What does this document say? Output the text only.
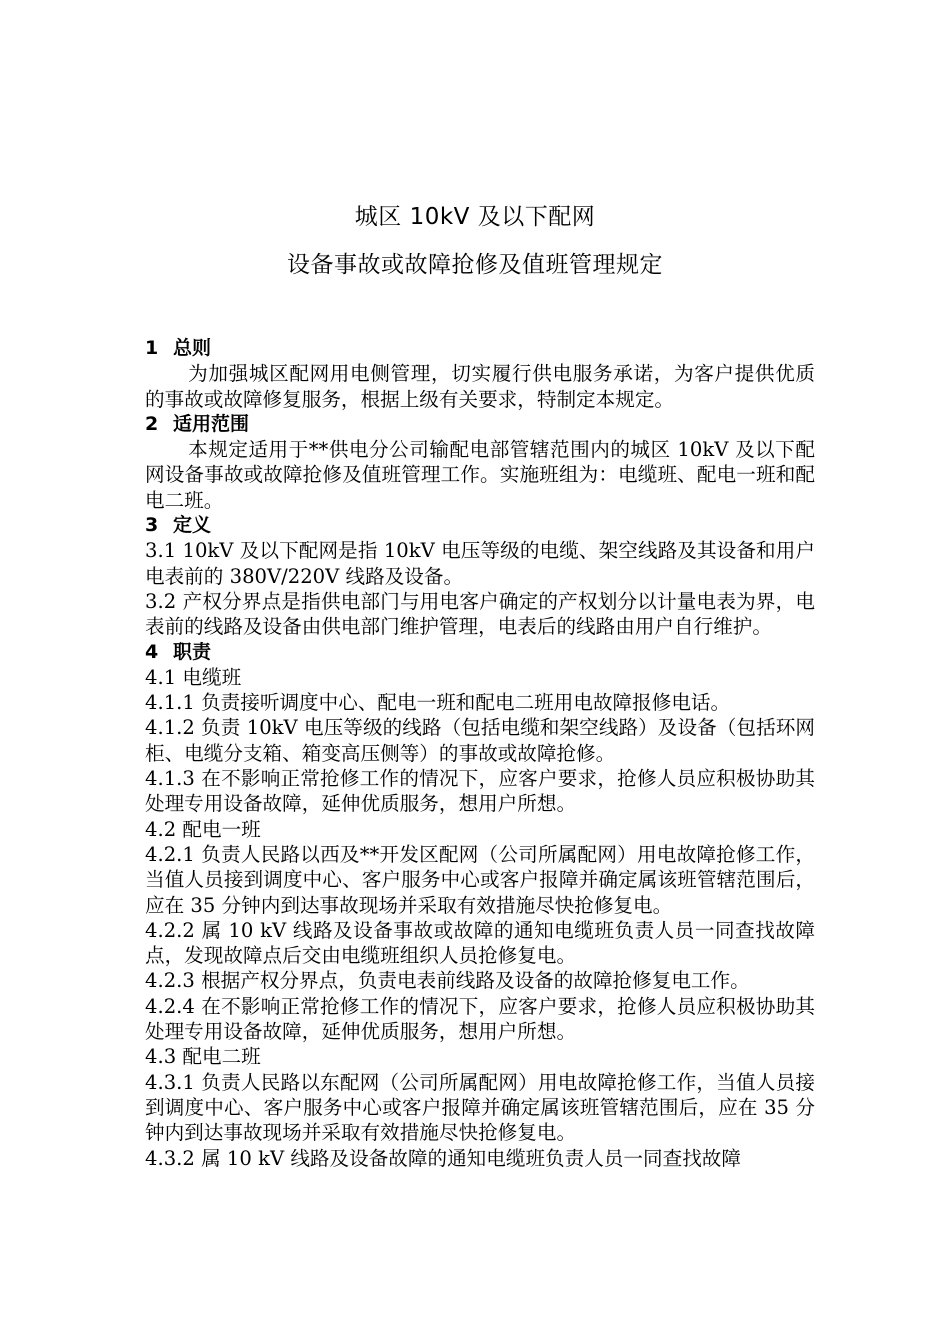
城区 10kV 及以下配网
设备事故或故障抢修及值班管理规定

1 总则

为加强城区配网用电侧管理，切实履行供电服务承诺，为客户提供优质的事故或故障修复服务，根据上级有关要求，特制定本规定。

2 适用范围

本规定适用于**供电分公司输配电部管辖范围内的城区 10kV 及以下配网设备事故或故障抢修及值班管理工作。实施班组为：电缆班、配电一班和配电二班。

3 定义

3.1 10kV 及以下配网是指 10kV 电压等级的电缆、架空线路及其设备和用户电表前的 380V/220V 线路及设备。

3.2 产权分界点是指供电部门与用电客户确定的产权划分以计量电表为界，电表前的线路及设备由供电部门维护管理，电表后的线路由用户自行维护。

4 职责

4.1 电缆班

4.1.1 负责接听调度中心、配电一班和配电二班用电故障报修电话。

4.1.2 负责 10kV 电压等级的线路（包括电缆和架空线路）及设备（包括环网柜、电缆分支箱、箱变高压侧等）的事故或故障抢修。

4.1.3 在不影响正常抢修工作的情况下，应客户要求，抢修人员应积极协助其处理专用设备故障，延伸优质服务，想用户所想。

4.2 配电一班

4.2.1 负责人民路以西及**开发区配网（公司所属配网）用电故障抢修工作，当值人员接到调度中心、客户服务中心或客户报障并确定属该班管辖范围后，应在 35 分钟内到达事故现场并采取有效措施尽快抢修复电。

4.2.2 属 10 kV 线路及设备事故或故障的通知电缆班负责人员一同查找故障点，发现故障点后交由电缆班组织人员抢修复电。

4.2.3 根据产权分界点，负责电表前线路及设备的故障抢修复电工作。

4.2.4 在不影响正常抢修工作的情况下，应客户要求，抢修人员应积极协助其处理专用设备故障，延伸优质服务，想用户所想。

4.3 配电二班

4.3.1 负责人民路以东配网（公司所属配网）用电故障抢修工作，当值人员接到调度中心、客户服务中心或客户报障并确定属该班管辖范围后，应在 35 分钟内到达事故现场并采取有效措施尽快抢修复电。

4.3.2 属 10 kV 线路及设备故障的通知电缆班负责人员一同查找故障
